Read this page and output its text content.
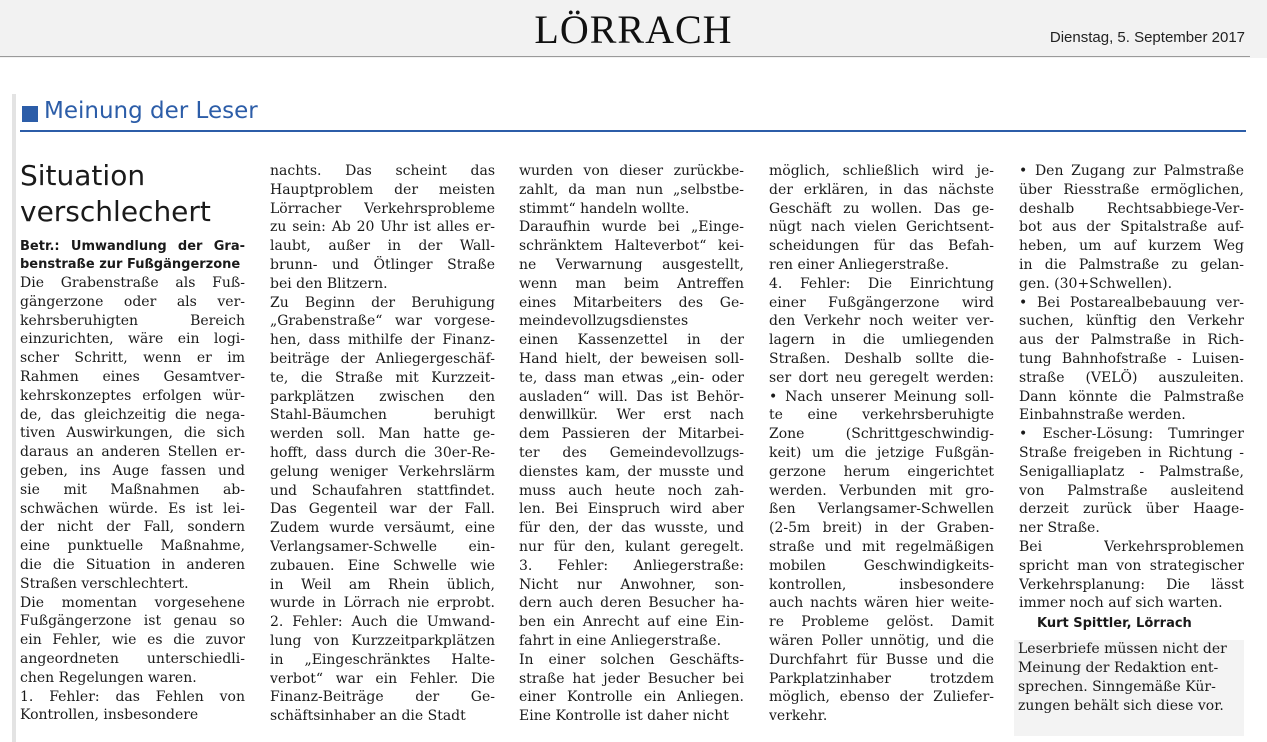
LÖRRACH	Dienstag, 5. September 2017
Meinung der Leser
Situation
verschlechert
Betr.: Umwandlung der Gra-
benstraße zur Fußgängerzone
Die Grabenstraße als Fuß-
gängerzone oder als ver-
kehrsberuhigten Bereich
einzurichten, wäre ein logi-
scher Schritt, wenn er im
Rahmen eines Gesamtver-
kehrskonzeptes erfolgen wür-
de, das gleichzeitig die nega-
tiven Auswirkungen, die sich
daraus an anderen Stellen er-
geben, ins Auge fassen und
sie mit Maßnahmen ab-
schwächen würde. Es ist lei-
der nicht der Fall, sondern
eine punktuelle Maßnahme,
die die Situation in anderen
Straßen verschlechtert.
Die momentan vorgesehene
Fußgängerzone ist genau so
ein Fehler, wie es die zuvor
angeordneten unterschiedli-
chen Regelungen waren.
1. Fehler: das Fehlen von
Kontrollen, insbesondere
nachts. Das scheint das
Hauptproblem der meisten
Lörracher Verkehrsprobleme
zu sein: Ab 20 Uhr ist alles er-
laubt, außer in der Wall-
brunn- und Ötlinger Straße
bei den Blitzern.
Zu Beginn der Beruhigung
„Grabenstraße“ war vorgese-
hen, dass mithilfe der Finanz-
beiträge der Anliegergeschäf-
te, die Straße mit Kurzzeit-
parkplätzen zwischen den
Stahl-Bäumchen beruhigt
werden soll. Man hatte ge-
hofft, dass durch die 30er-Re-
gelung weniger Verkehrslärm
und Schaufahren stattfindet.
Das Gegenteil war der Fall.
Zudem wurde versäumt, eine
Verlangsamer-Schwelle ein-
zubauen. Eine Schwelle wie
in Weil am Rhein üblich,
wurde in Lörrach nie erprobt.
2. Fehler: Auch die Umwand-
lung von Kurzzeitparkplätzen
in „Eingeschränktes Halte-
verbot“ war ein Fehler. Die
Finanz-Beiträge der Ge-
schäftsinhaber an die Stadt
wurden von dieser zurückbe-
zahlt, da man nun „selbstbe-
stimmt“ handeln wollte.
Daraufhin wurde bei „Einge-
schränktem Halteverbot“ kei-
ne Verwarnung ausgestellt,
wenn man beim Antreffen
eines Mitarbeiters des Ge-
meindevollzugsdienstes
einen Kassenzettel in der
Hand hielt, der beweisen soll-
te, dass man etwas „ein- oder
ausladen“ will. Das ist Behör-
denwillkür. Wer erst nach
dem Passieren der Mitarbei-
ter des Gemeindevollzugs-
dienstes kam, der musste und
muss auch heute noch zah-
len. Bei Einspruch wird aber
für den, der das wusste, und
nur für den, kulant geregelt.
3. Fehler: Anliegerstraße:
Nicht nur Anwohner, son-
dern auch deren Besucher ha-
ben ein Anrecht auf eine Ein-
fahrt in eine Anliegerstraße.
In einer solchen Geschäfts-
straße hat jeder Besucher bei
einer Kontrolle ein Anliegen.
Eine Kontrolle ist daher nicht
möglich, schließlich wird je-
der erklären, in das nächste
Geschäft zu wollen. Das ge-
nügt nach vielen Gerichtsent-
scheidungen für das Befah-
ren einer Anliegerstraße.
4. Fehler: Die Einrichtung
einer Fußgängerzone wird
den Verkehr noch weiter ver-
lagern in die umliegenden
Straßen. Deshalb sollte die-
ser dort neu geregelt werden:
• Nach unserer Meinung soll-
te eine verkehrsberuhigte
Zone (Schrittgeschwindig-
keit) um die jetzige Fußgän-
gerzone herum eingerichtet
werden. Verbunden mit gro-
ßen Verlangsamer-Schwellen
(2-5m breit) in der Graben-
straße und mit regelmäßigen
mobilen Geschwindigkeits-
kontrollen, insbesondere
auch nachts wären hier weite-
re Probleme gelöst. Damit
wären Poller unnötig, und die
Durchfahrt für Busse und die
Parkplatzinhaber trotzdem
möglich, ebenso der Zuliefer-
verkehr.
• Den Zugang zur Palmstraße
über Riesstraße ermöglichen,
deshalb Rechtsabbiege-Ver-
bot aus der Spitalstraße auf-
heben, um auf kurzem Weg
in die Palmstraße zu gelan-
gen. (30+Schwellen).
• Bei Postarealbebauung ver-
suchen, künftig den Verkehr
aus der Palmstraße in Rich-
tung Bahnhofstraße - Luisen-
straße (VELÖ) auszuleiten.
Dann könnte die Palmstraße
Einbahnstraße werden.
• Escher-Lösung: Tumringer
Straße freigeben in Richtung -
Senigalliaplatz - Palmstraße,
von Palmstraße ausleitend
derzeit zurück über Haage-
ner Straße.
Bei Verkehrsproblemen
spricht man von strategischer
Verkehrsplanung: Die lässt
immer noch auf sich warten.
Kurt Spittler, Lörrach
Leserbriefe müssen nicht der
Meinung der Redaktion ent-
sprechen. Sinngemäße Kür-
zungen behält sich diese vor.
